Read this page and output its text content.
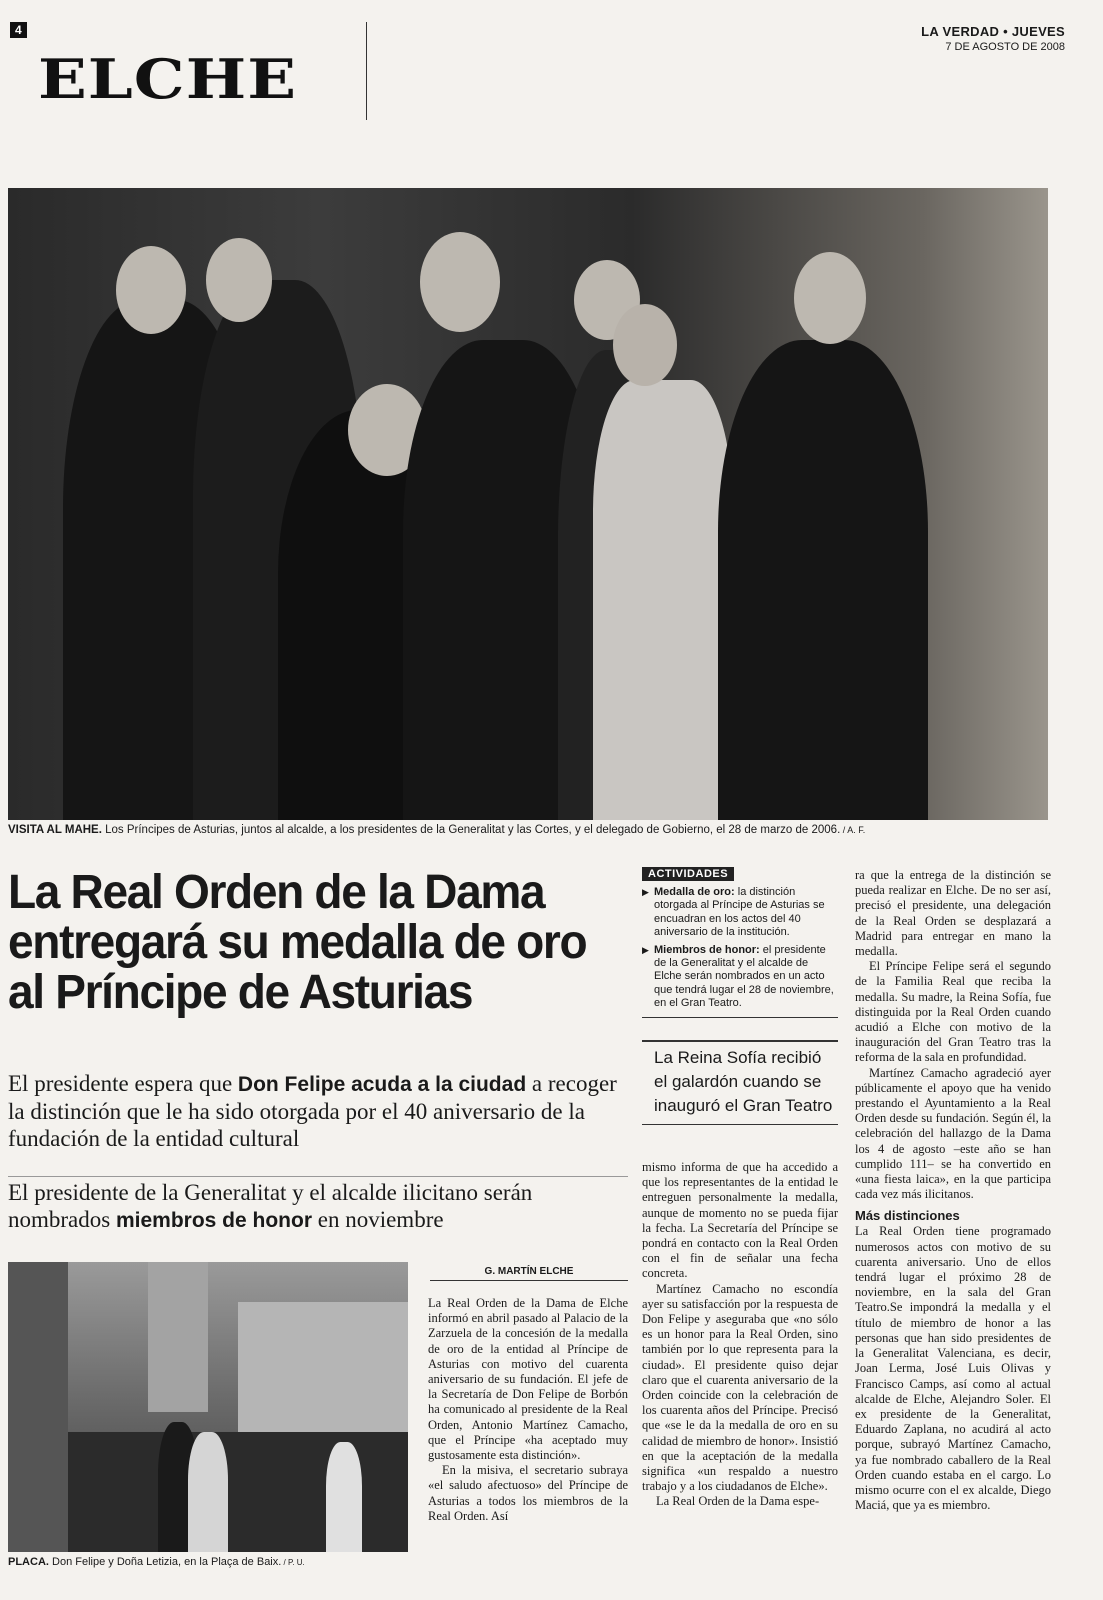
4
ELCHE
LA VERDAD • JUEVES
7 DE AGOSTO DE 2008
VISITA AL MAHE. Los Príncipes de Asturias, juntos al alcalde, a los presidentes de la Generalitat y las Cortes, y el delegado de Gobierno, el 28 de marzo de 2006. / A. F.
La Real Orden de la Dama entregará su medalla de oro al Príncipe de Asturias
El presidente espera que Don Felipe acuda a la ciudad a recoger la distinción que le ha sido otorgada por el 40 aniversario de la fundación de la entidad cultural
El presidente de la Generalitat y el alcalde ilicitano serán nombrados miembros de honor en noviembre
PLACA. Don Felipe y Doña Letizia, en la Plaça de Baix. / P. U.
G. MARTÍN ELCHE

La Real Orden de la Dama de Elche informó en abril pasado al Palacio de la Zarzuela de la concesión de la medalla de oro de la entidad al Príncipe de Asturias con motivo del cuarenta aniversario de su fundación. El jefe de la Secretaría de Don Felipe de Borbón ha comunicado al presidente de la Real Orden, Antonio Martínez Camacho, que el Príncipe «ha aceptado muy gustosamente esta distinción».

En la misiva, el secretario subraya «el saludo afectuoso» del Príncipe de Asturias a todos los miembros de la Real Orden. Así

ACTIVIDADES
▶ Medalla de oro: la distinción otorgada al Príncipe de Asturias se encuadran en los actos del 40 aniversario de la institución.
▶ Miembros de honor: el presidente de la Generalitat y el alcalde de Elche serán nombrados en un acto que tendrá lugar el 28 de noviembre, en el Gran Teatro.
La Reina Sofía recibió el galardón cuando se inauguró el Gran Teatro

mismo informa de que ha accedido a que los representantes de la entidad le entreguen personalmente la medalla, aunque de momento no se pueda fijar la fecha. La Secretaría del Príncipe se pondrá en contacto con la Real Orden con el fin de señalar una fecha concreta.

Martínez Camacho no escondía ayer su satisfacción por la respuesta de Don Felipe y aseguraba que «no sólo es un honor para la Real Orden, sino también por lo que representa para la ciudad». El presidente quiso dejar claro que el cuarenta aniversario de la Orden coincide con la celebración de los cuarenta años del Príncipe. Precisó que «se le da la medalla de oro en su calidad de miembro de honor». Insistió en que la aceptación de la medalla significa «un respaldo a nuestro trabajo y a los ciudadanos de Elche».

La Real Orden de la Dama espe-

ra que la entrega de la distinción se pueda realizar en Elche. De no ser así, precisó el presidente, una delegación de la Real Orden se desplazará a Madrid para entregar en mano la medalla.

El Príncipe Felipe será el segundo de la Familia Real que reciba la medalla. Su madre, la Reina Sofía, fue distinguida por la Real Orden cuando acudió a Elche con motivo de la inauguración del Gran Teatro tras la reforma de la sala en profundidad.

Martínez Camacho agradeció ayer públicamente el apoyo que ha venido prestando el Ayuntamiento a la Real Orden desde su fundación. Según él, la celebración del hallazgo de la Dama los 4 de agosto –este año se han cumplido 111– se ha convertido en «una fiesta laica», en la que participa cada vez más ilicitanos.

Más distinciones

La Real Orden tiene programado numerosos actos con motivo de su cuarenta aniversario. Uno de ellos tendrá lugar el próximo 28 de noviembre, en la sala del Gran Teatro.Se impondrá la medalla y el título de miembro de honor a las personas que han sido presidentes de la Generalitat Valenciana, es decir, Joan Lerma, José Luis Olivas y Francisco Camps, así como al actual alcalde de Elche, Alejandro Soler. El ex presidente de la Generalitat, Eduardo Zaplana, no acudirá al acto porque, subrayó Martínez Camacho, ya fue nombrado caballero de la Real Orden cuando estaba en el cargo. Lo mismo ocurre con el ex alcalde, Diego Maciá, que ya es miembro.
